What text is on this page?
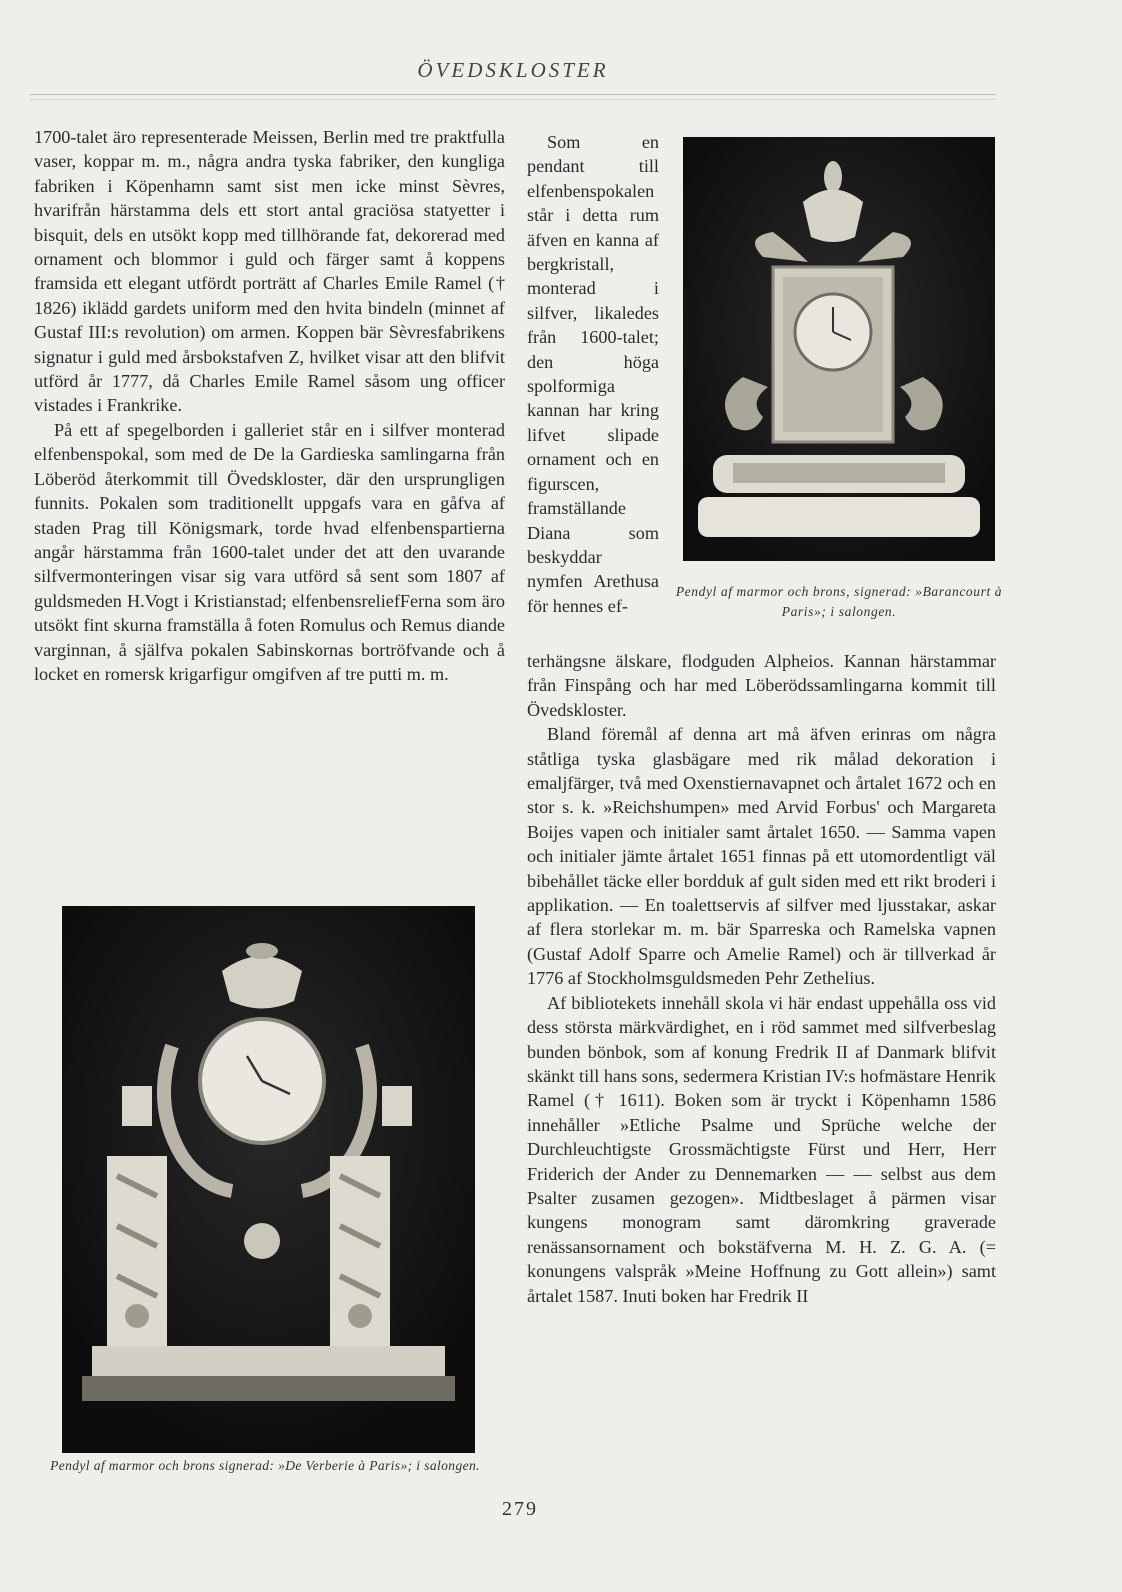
ÖVEDSKLOSTER

1700-talet äro representerade Meissen, Berlin med tre praktfulla vaser, koppar m. m., några andra tyska fabriker, den kungliga fabriken i Köpenhamn samt sist men icke minst Sèvres, hvarifrån härstamma dels ett stort antal graciösa statyetter i bisquit, dels en utsökt kopp med tillhörande fat, dekorerad med ornament och blommor i guld och färger samt å koppens framsida ett elegant utfördt porträtt af Charles Emile Ramel († 1826) iklädd gardets uniform med den hvita bindeln (minnet af Gustaf III:s revolution) om armen. Koppen bär Sèvresfabrikens signatur i guld med årsbokstafven Z, hvilket visar att den blifvit utförd år 1777, då Charles Emile Ramel såsom ung officer vistades i Frankrike.

På ett af spegelborden i galleriet står en i silfver monterad elfenbenspokal, som med de De la Gardieska samlingarna från Löberöd återkommit till Övedskloster, där den ursprungligen funnits. Pokalen som traditionellt uppgafs vara en gåfva af staden Prag till Königsmark, torde hvad elfenbenspartierna angår härstamma från 1600-talet under det att den uvarande silfvermonteringen visar sig vara utförd så sent som 1807 af guldsmeden H.Vogt i Kristianstad; elfenbensreliefFerna som äro utsökt fint skurna framställa å foten Romulus och Remus diande varginnan, å själfva pokalen Sabinskornas bortröfvande och å locket en romersk krigarfigur omgifven af tre putti m. m.

Som en pendant till elfenbenspokalen står i detta rum äfven en kanna af bergkristall, monterad i silfver, likaledes från 1600-talet; den höga spolformiga kannan har kring lifvet slipade ornament och en figurscen, framställande Diana som beskyddar nymfen Arethusa för hennes ef-

Pendyl af marmor och brons, signerad: »Barancourt à Paris»; i salongen.
Pendyl af marmor och brons signerad: »De Verberie à Paris»; i salongen.

terhängsne älskare, flodguden Alpheios. Kannan härstammar från Finspång och har med Löberödssamlingarna kommit till Övedskloster.

Bland föremål af denna art må äfven erinras om några ståtliga tyska glasbägare med rik målad dekoration i emaljfärger, två med Oxenstiernavapnet och årtalet 1672 och en stor s. k. »Reichshumpen» med Arvid Forbus' och Margareta Boijes vapen och initialer samt årtalet 1650. — Samma vapen och initialer jämte årtalet 1651 finnas på ett utomordentligt väl bibehållet täcke eller bordduk af gult siden med ett rikt broderi i applikation. — En toalettservis af silfver med ljusstakar, askar af flera storlekar m. m. bär Sparreska och Ramelska vapnen (Gustaf Adolf Sparre och Amelie Ramel) och är tillverkad år 1776 af Stockholmsguldsmeden Pehr Zethelius.

Af bibliotekets innehåll skola vi här endast uppehålla oss vid dess största märkvärdighet, en i röd sammet med silfverbeslag bunden bönbok, som af konung Fredrik II af Danmark blifvit skänkt till hans sons, sedermera Kristian IV:s hofmästare Henrik Ramel († 1611). Boken som är tryckt i Köpenhamn 1586 innehåller »Etliche Psalme und Sprüche welche der Durchleuchtigste Grossmächtigste Fürst und Herr, Herr Friderich der Ander zu Dennemarken — — selbst aus dem Psalter zusamen gezogen». Midtbeslaget å pärmen visar kungens monogram samt däromkring graverade renässansornament och bokstäfverna M. H. Z. G. A. (= konungens valspråk »Meine Hoffnung zu Gott allein») samt årtalet 1587. Inuti boken har Fredrik II

279
